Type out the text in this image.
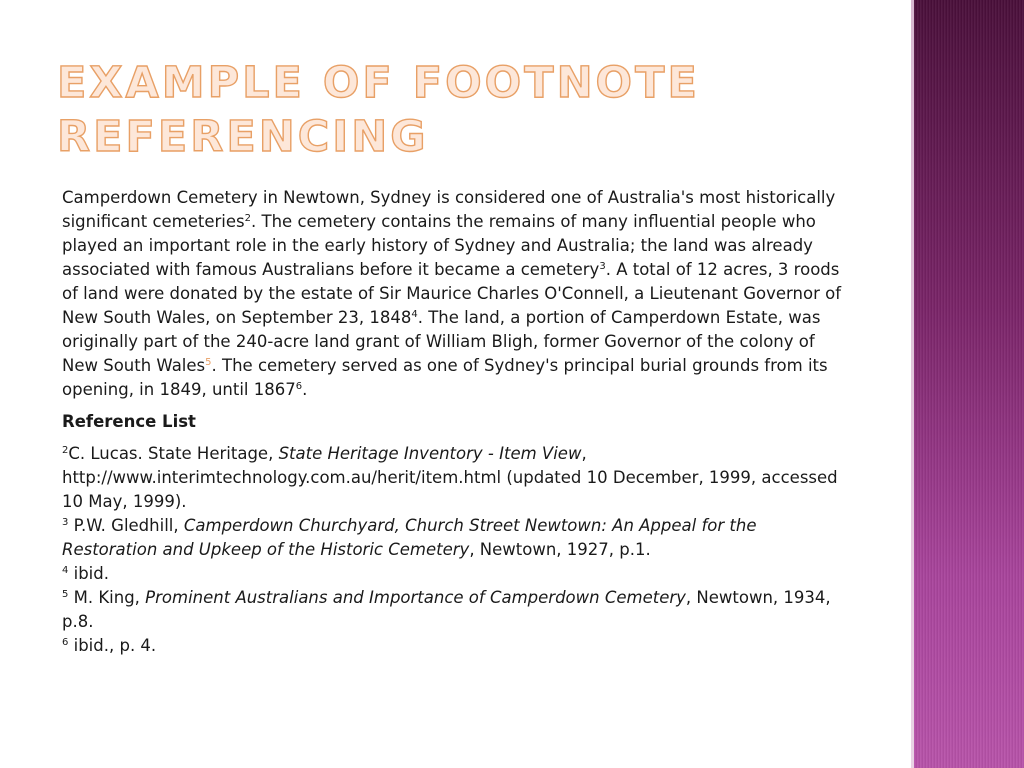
EXAMPLE OF FOOTNOTE REFERENCING

Camperdown Cemetery in Newtown, Sydney is considered one of Australia's most historically significant cemeteries$^2$. The cemetery contains the remains of many influential people who played an important role in the early history of Sydney and Australia; the land was already associated with famous Australians before it became a cemetery$^3$. A total of 12 acres, 3 roods of land were donated by the estate of Sir Maurice Charles O'Connell, a Lieutenant Governor of New South Wales, on September 23, 1848$^4$. The land, a portion of Camperdown Estate, was originally part of the 240-acre land grant of William Bligh, former Governor of the colony of New South Wales$^5$. The cemetery served as one of Sydney's principal burial grounds from its opening, in 1849, until 1867$^6$.

Reference List

$^2$C. Lucas. State Heritage, State Heritage Inventory - Item View, http://www.interimtechnology.com.au/herit/item.html (updated 10 December, 1999, accessed 10 May, 1999).

$^3$ P.W. Gledhill, Camperdown Churchyard, Church Street Newtown: An Appeal for the Restoration and Upkeep of the Historic Cemetery, Newtown, 1927, p.1.

$^4$ ibid.

$^5$ M. King, Prominent Australians and Importance of Camperdown Cemetery, Newtown, 1934, p.8.

$^6$ ibid., p. 4.
